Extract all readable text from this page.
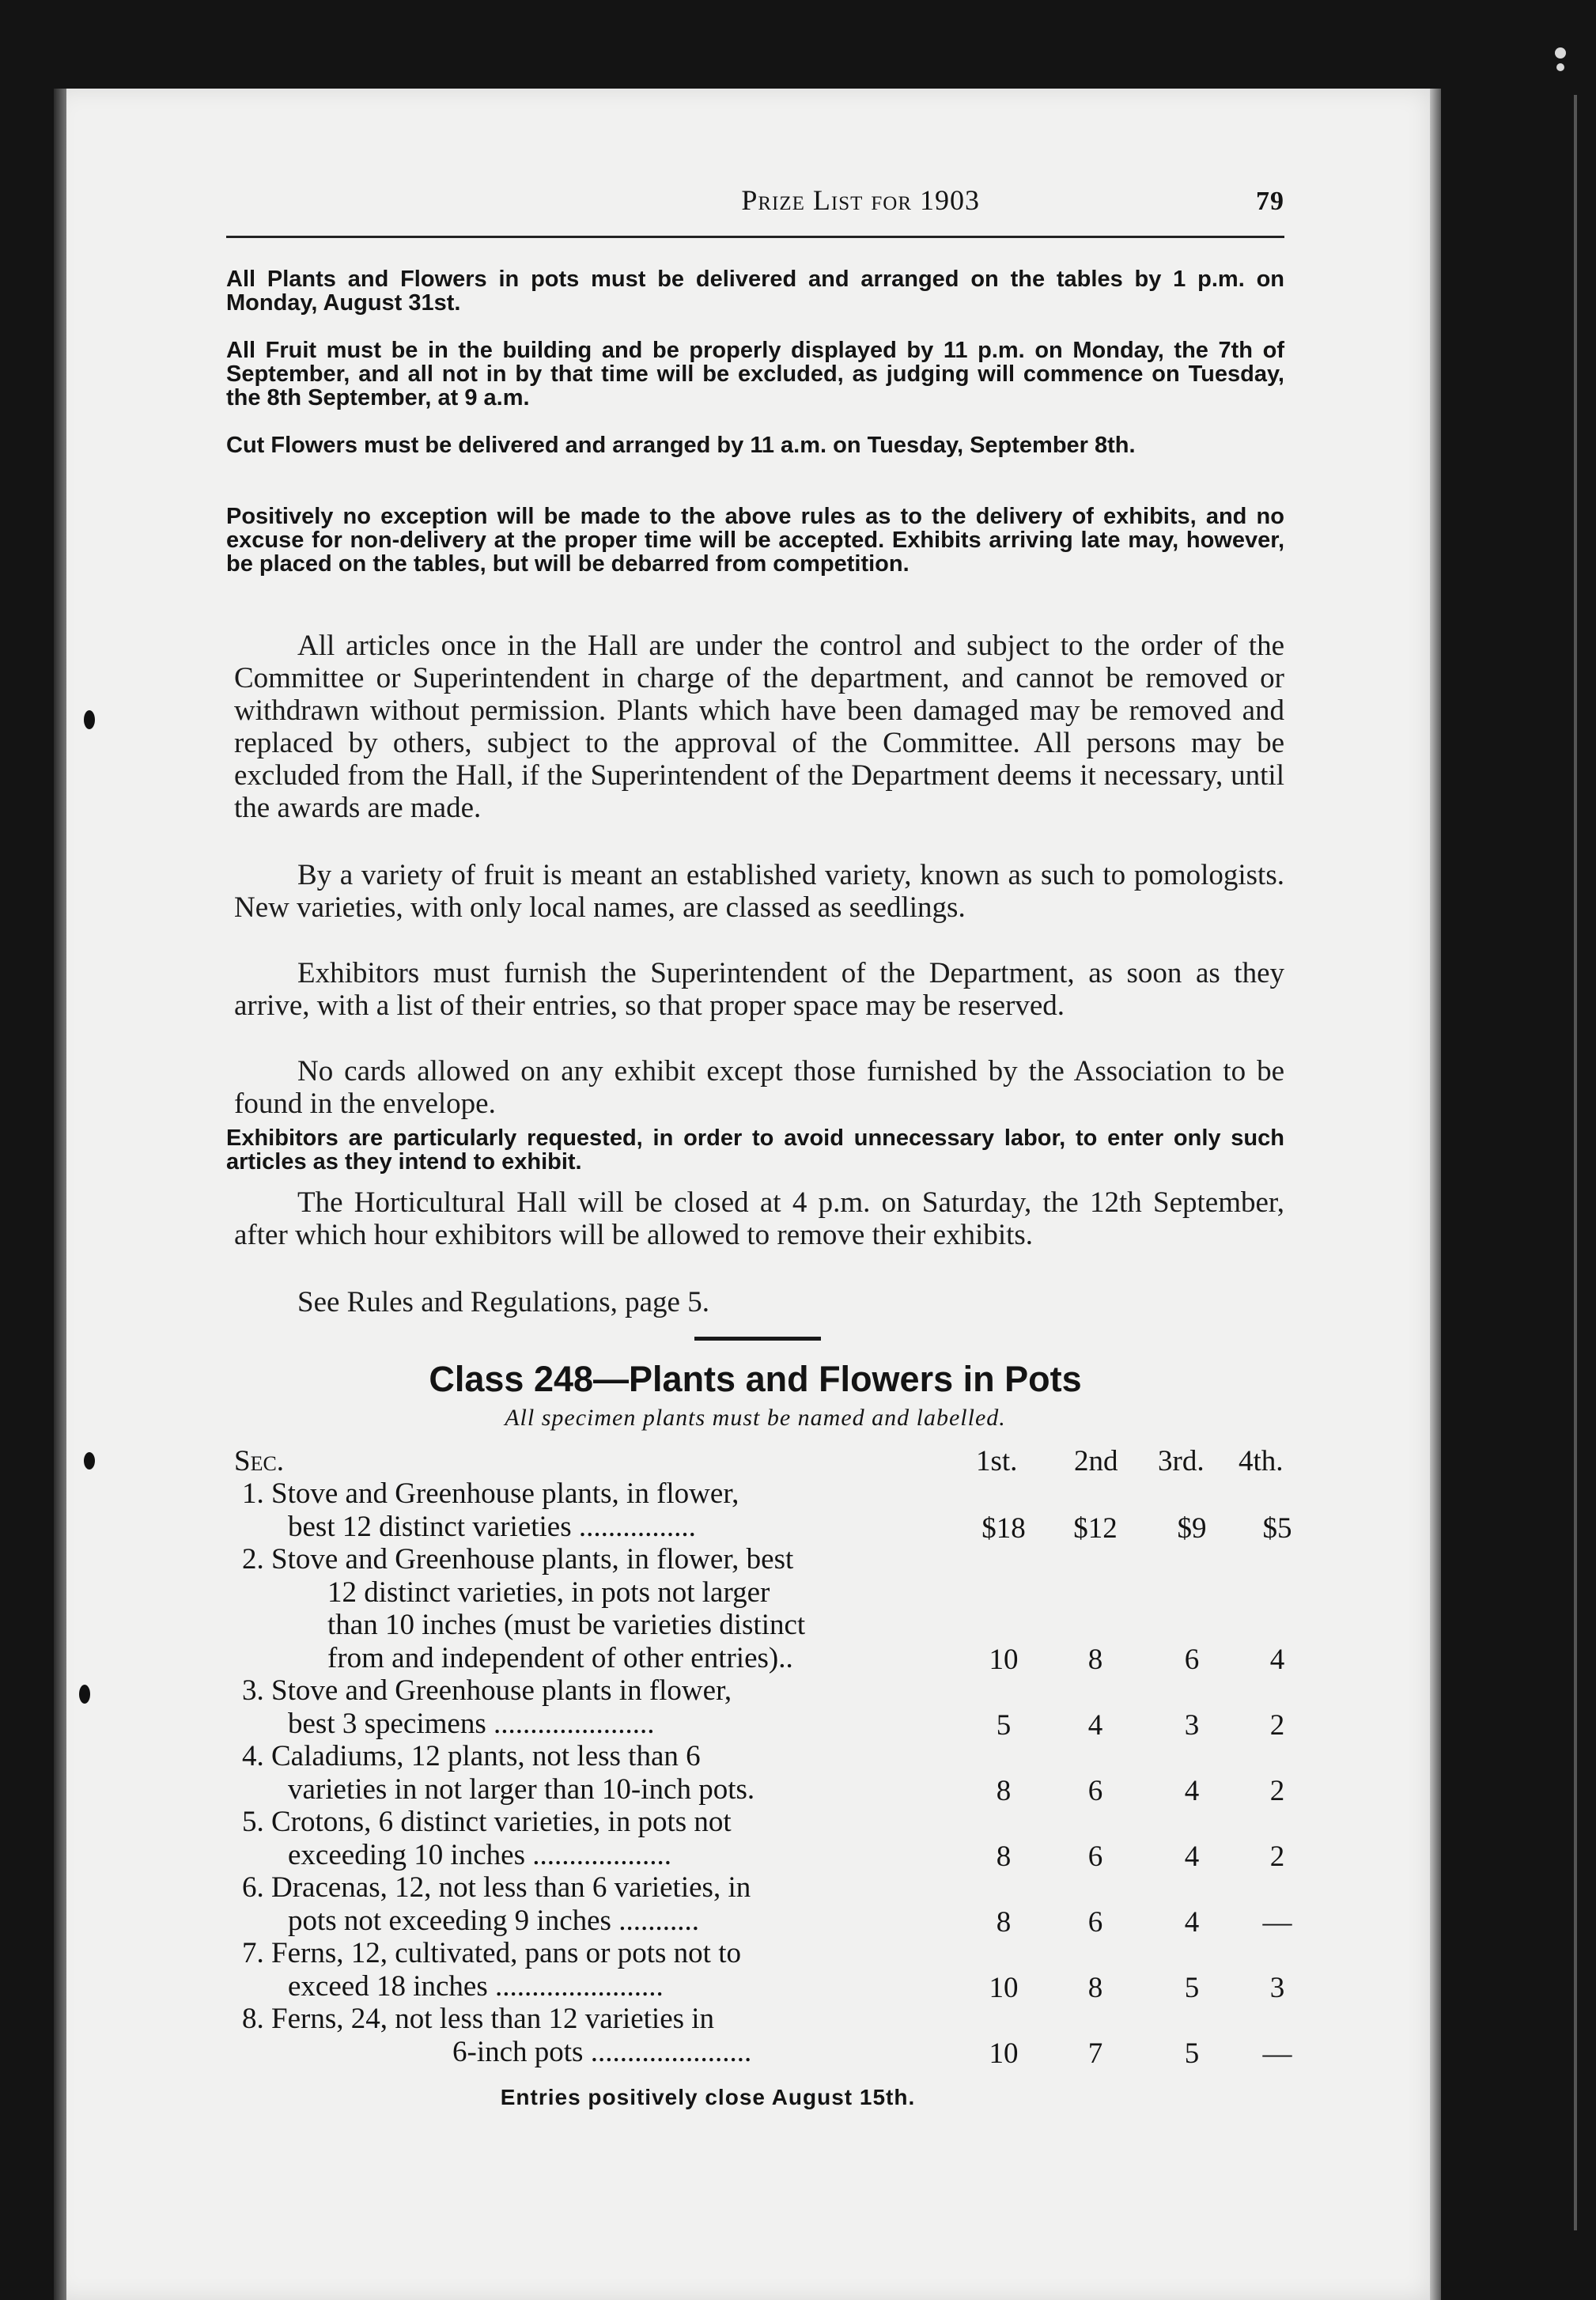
Prize List for 1903	79
All Plants and Flowers in pots must be delivered and arranged on the tables by 1 p.m. on Monday, August 31st.
All Fruit must be in the building and be properly displayed by 11 p.m. on Monday, the 7th of September, and all not in by that time will be excluded, as judging will commence on Tuesday, the 8th September, at 9 a.m.
Cut Flowers must be delivered and arranged by 11 a.m. on Tuesday, September 8th.
Positively no exception will be made to the above rules as to the delivery of exhibits, and no excuse for non-delivery at the proper time will be accepted. Exhibits arriving late may, however, be placed on the tables, but will be debarred from competition.
All articles once in the Hall are under the control and subject to the order of the Committee or Superintendent in charge of the department, and cannot be removed or withdrawn without permission. Plants which have been damaged may be removed and replaced by others, subject to the approval of the Committee. All persons may be excluded from the Hall, if the Superintendent of the Department deems it necessary, until the awards are made.
By a variety of fruit is meant an established variety, known as such to pomologists. New varieties, with only local names, are classed as seedlings.
Exhibitors must furnish the Superintendent of the Department, as soon as they arrive, with a list of their entries, so that proper space may be reserved.
No cards allowed on any exhibit except those furnished by the Association to be found in the envelope.
Exhibitors are particularly requested, in order to avoid unnecessary labor, to enter only such articles as they intend to exhibit.
The Horticultural Hall will be closed at 4 p.m. on Saturday, the 12th September, after which hour exhibitors will be allowed to remove their exhibits.
See Rules and Regulations, page 5.
Class 248—Plants and Flowers in Pots
All specimen plants must be named and labelled.
Sec.	1st. 2nd 3rd. 4th.
1. Stove and Greenhouse plants, in flower,
best 12 distinct varieties ................	$18	$12	$9	$5
2. Stove and Greenhouse plants, in flower, best
12 distinct varieties, in pots not larger
than 10 inches (must be varieties distinct
from and independent of other entries)..	10	8	6	4
3. Stove and Greenhouse plants in flower,
best 3 specimens ......................	5	4	3	2
4. Caladiums, 12 plants, not less than 6
varieties in not larger than 10-inch pots.	8	6	4	2
5. Crotons, 6 distinct varieties, in pots not
exceeding 10 inches ...................	8	6	4	2
6. Dracenas, 12, not less than 6 varieties, in
pots not exceeding 9 inches ...........	8	6	4	—
7. Ferns, 12, cultivated, pans or pots not to
exceed 18 inches .......................	10	8	5	3
8. Ferns, 24, not less than 12 varieties in
6-inch pots ......................	10	7	5	—
Entries positively close August 15th.
